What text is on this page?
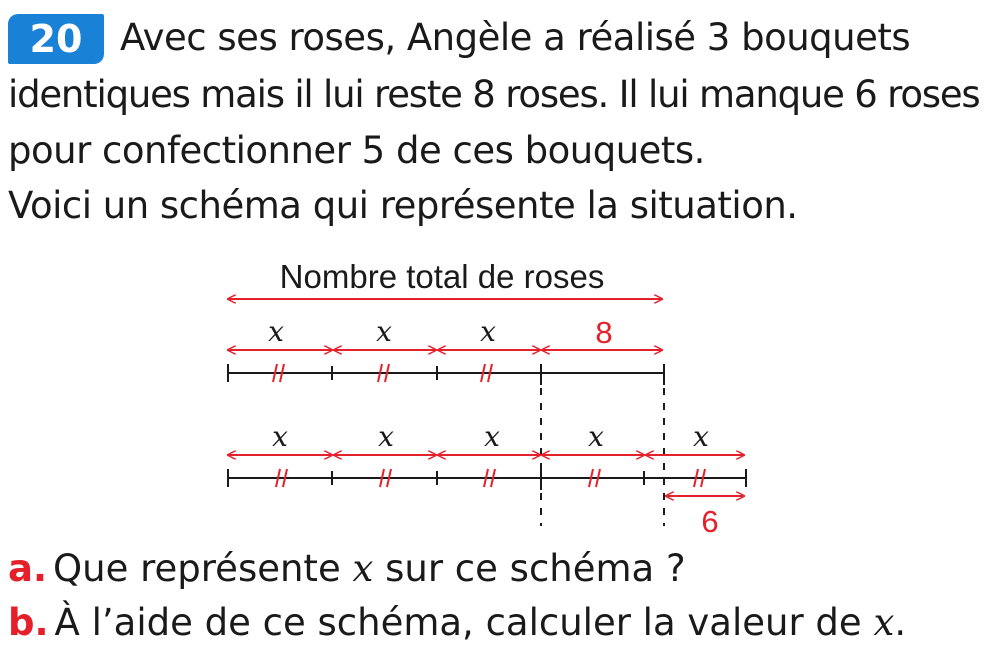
20	Avec ses roses, Angèle a réalisé 3 bouquets
identiques mais il lui reste 8 roses. Il lui manque 6 roses
pour confectionner 5 de ces bouquets.
Voici un schéma qui représente la situation.
Nombre total de roses
x	x	x	8
x	x	x	x	x
6
a. Que représente x sur ce schéma ?
b. À l’aide de ce schéma, calculer la valeur de x.
